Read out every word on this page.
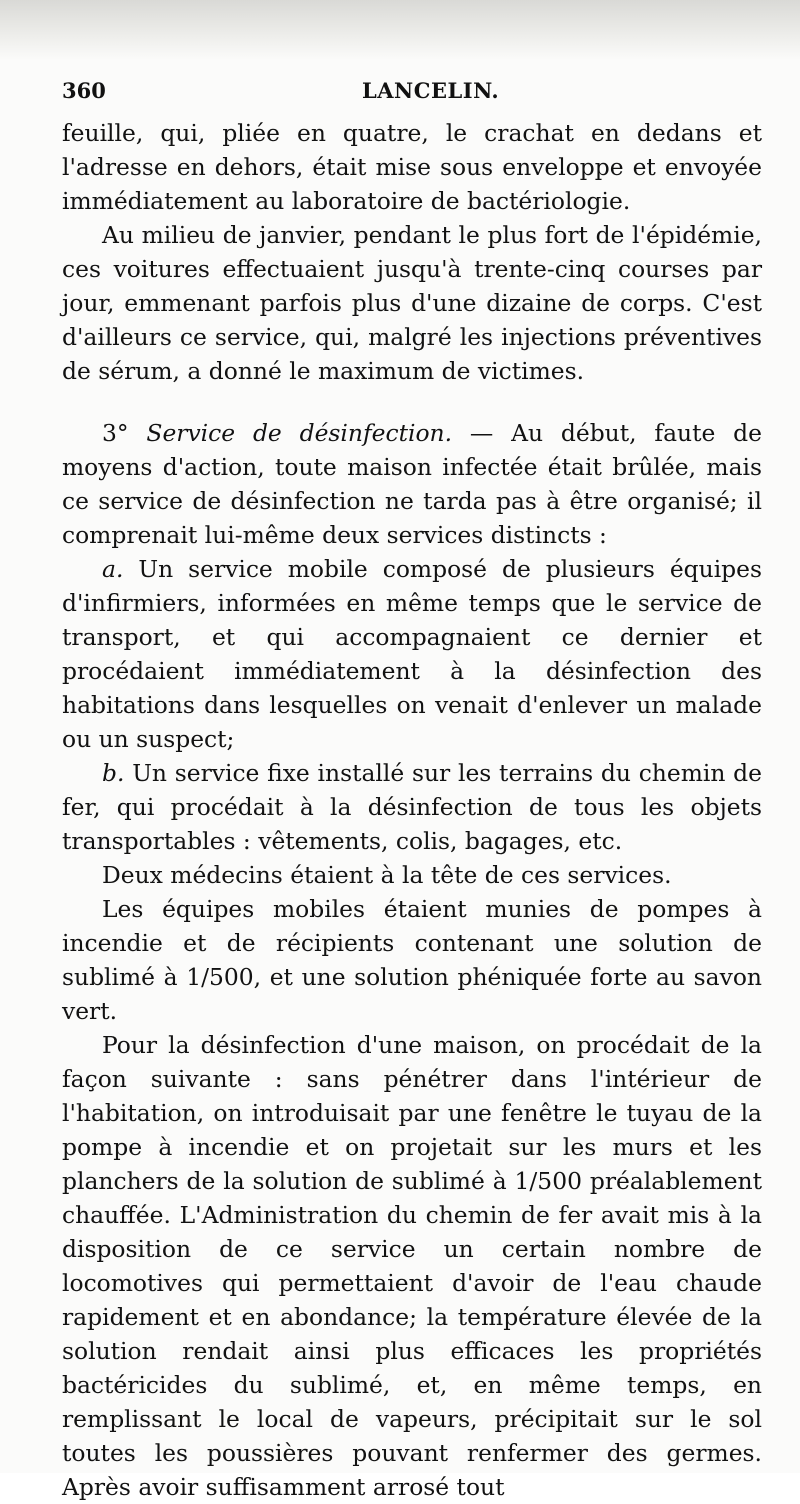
360	LANCELIN.

feuille, qui, pliée en quatre, le crachat en dedans et l'adresse en dehors, était mise sous enveloppe et envoyée immédiatement au laboratoire de bactériologie.

Au milieu de janvier, pendant le plus fort de l'épidémie, ces voitures effectuaient jusqu'à trente-cinq courses par jour, emmenant parfois plus d'une dizaine de corps. C'est d'ailleurs ce service, qui, malgré les injections préventives de sérum, a donné le maximum de victimes.

3° Service de désinfection. — Au début, faute de moyens d'action, toute maison infectée était brûlée, mais ce service de désinfection ne tarda pas à être organisé; il comprenait lui-même deux services distincts :

a. Un service mobile composé de plusieurs équipes d'infirmiers, informées en même temps que le service de transport, et qui accompagnaient ce dernier et procédaient immédiatement à la désinfection des habitations dans lesquelles on venait d'enlever un malade ou un suspect;

b. Un service fixe installé sur les terrains du chemin de fer, qui procédait à la désinfection de tous les objets transportables : vêtements, colis, bagages, etc.

Deux médecins étaient à la tête de ces services.

Les équipes mobiles étaient munies de pompes à incendie et de récipients contenant une solution de sublimé à 1/500, et une solution phéniquée forte au savon vert.

Pour la désinfection d'une maison, on procédait de la façon suivante : sans pénétrer dans l'intérieur de l'habitation, on introduisait par une fenêtre le tuyau de la pompe à incendie et on projetait sur les murs et les planchers de la solution de sublimé à 1/500 préalablement chauffée. L'Administration du chemin de fer avait mis à la disposition de ce service un certain nombre de locomotives qui permettaient d'avoir de l'eau chaude rapidement et en abondance; la température élevée de la solution rendait ainsi plus efficaces les propriétés bactéricides du sublimé, et, en même temps, en remplissant le local de vapeurs, précipitait sur le sol toutes les poussières pouvant renfermer des germes. Après avoir suffisamment arrosé tout
